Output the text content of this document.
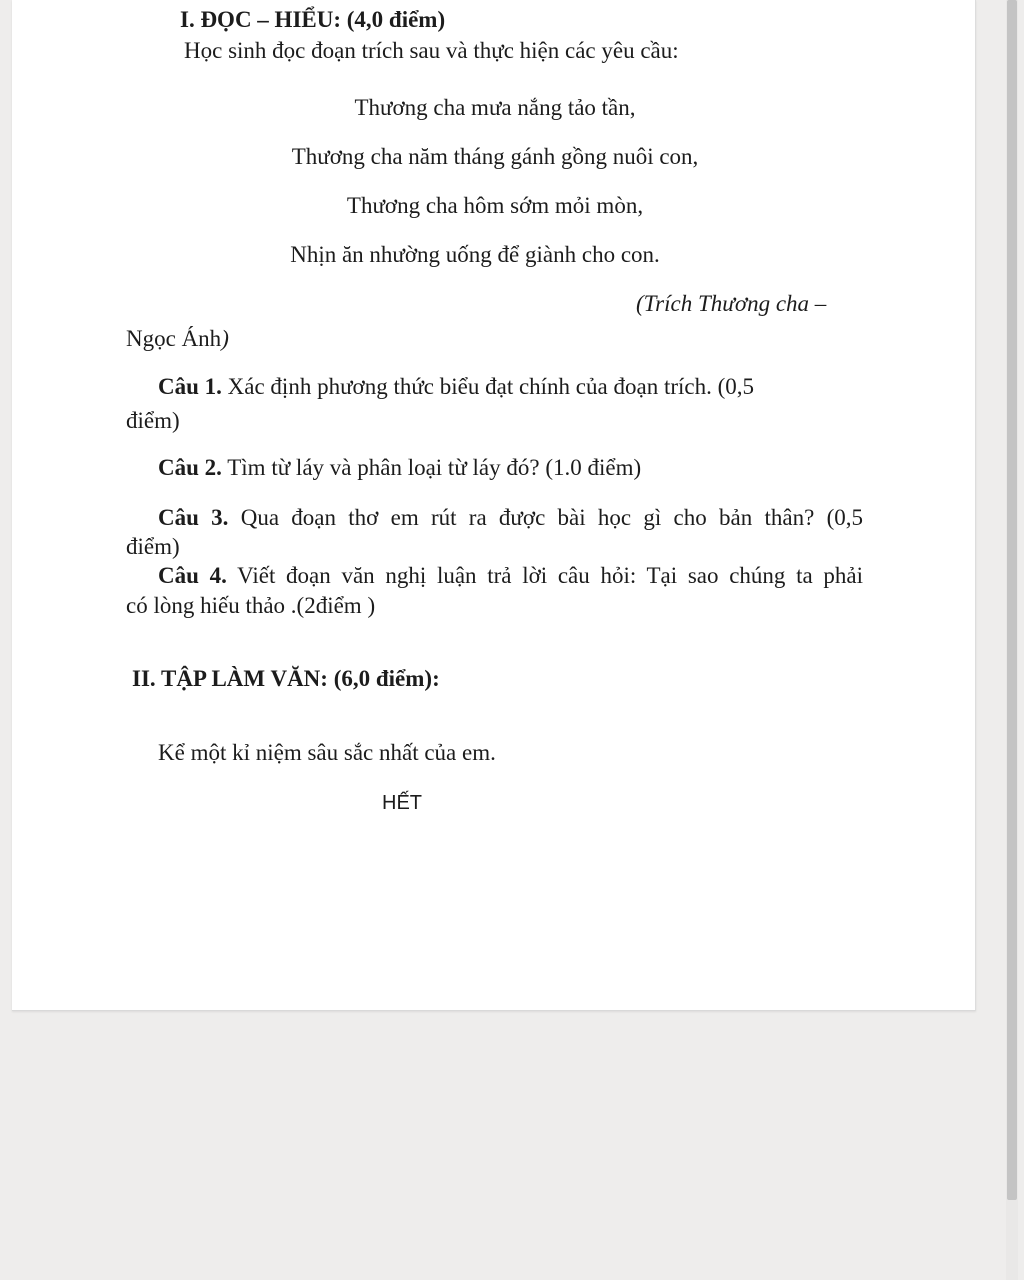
I. ĐỌC – HIỂU: (4,0 điểm)

Học sinh đọc đoạn trích sau và thực hiện các yêu cầu:

Thương cha mưa nắng tảo tần,

Thương cha năm tháng gánh gồng nuôi con,

Thương cha hôm sớm mỏi mòn,

Nhịn ăn nhường uống để giành cho con.

(Trích Thương cha –

Ngọc Ánh)

Câu 1. Xác định phương thức biểu đạt chính của đoạn trích. (0,5

điểm)

Câu 2. Tìm từ láy và phân loại từ láy đó? (1.0 điểm)

Câu 3. Qua đoạn thơ em rút ra được bài học gì cho bản thân? (0,5

điểm)

Câu 4. Viết đoạn văn nghị luận trả lời câu hỏi: Tại sao chúng ta phải

có lòng hiếu thảo .(2điểm )

II. TẬP LÀM VĂN: (6,0 điểm):

Kể một kỉ niệm sâu sắc nhất của em.

HẾT
